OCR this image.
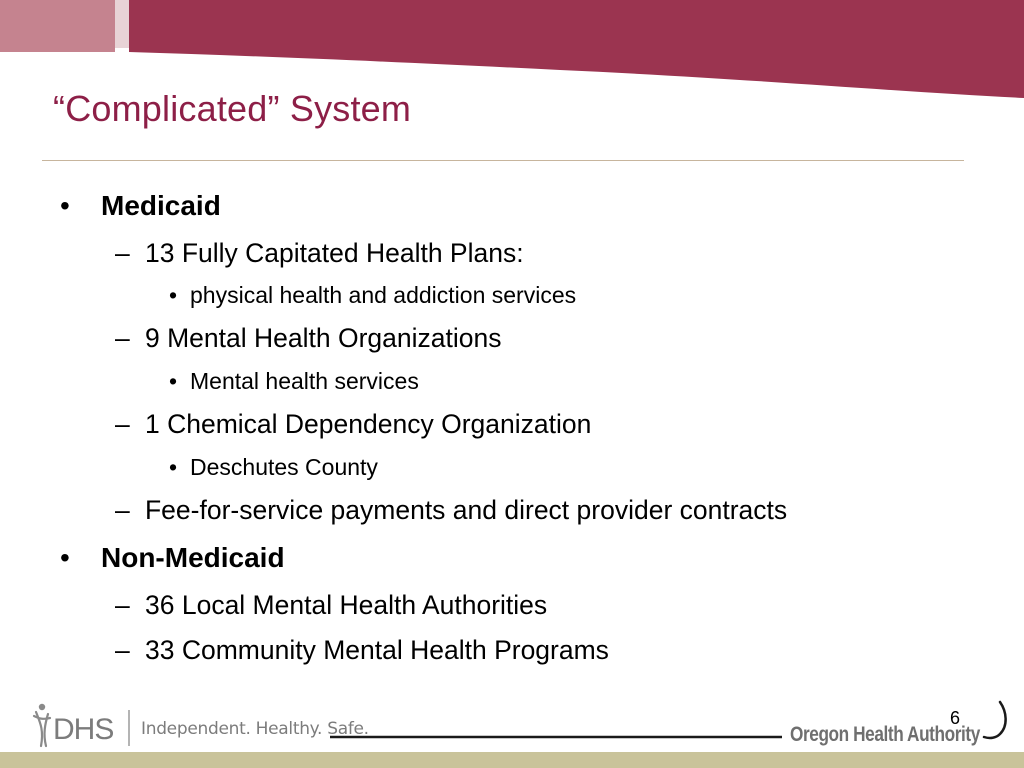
“Complicated” System
• Medicaid
– 13 Fully Capitated Health Plans:
• physical health and addiction services
– 9 Mental Health Organizations
• Mental health services
– 1 Chemical Dependency Organization
• Deschutes County
– Fee-for-service payments and direct provider contracts
• Non-Medicaid
– 36 Local Mental Health Authorities
– 33 Community Mental Health Programs
6
DHS Independent. Healthy. Safe.	Oregon Health Authority
